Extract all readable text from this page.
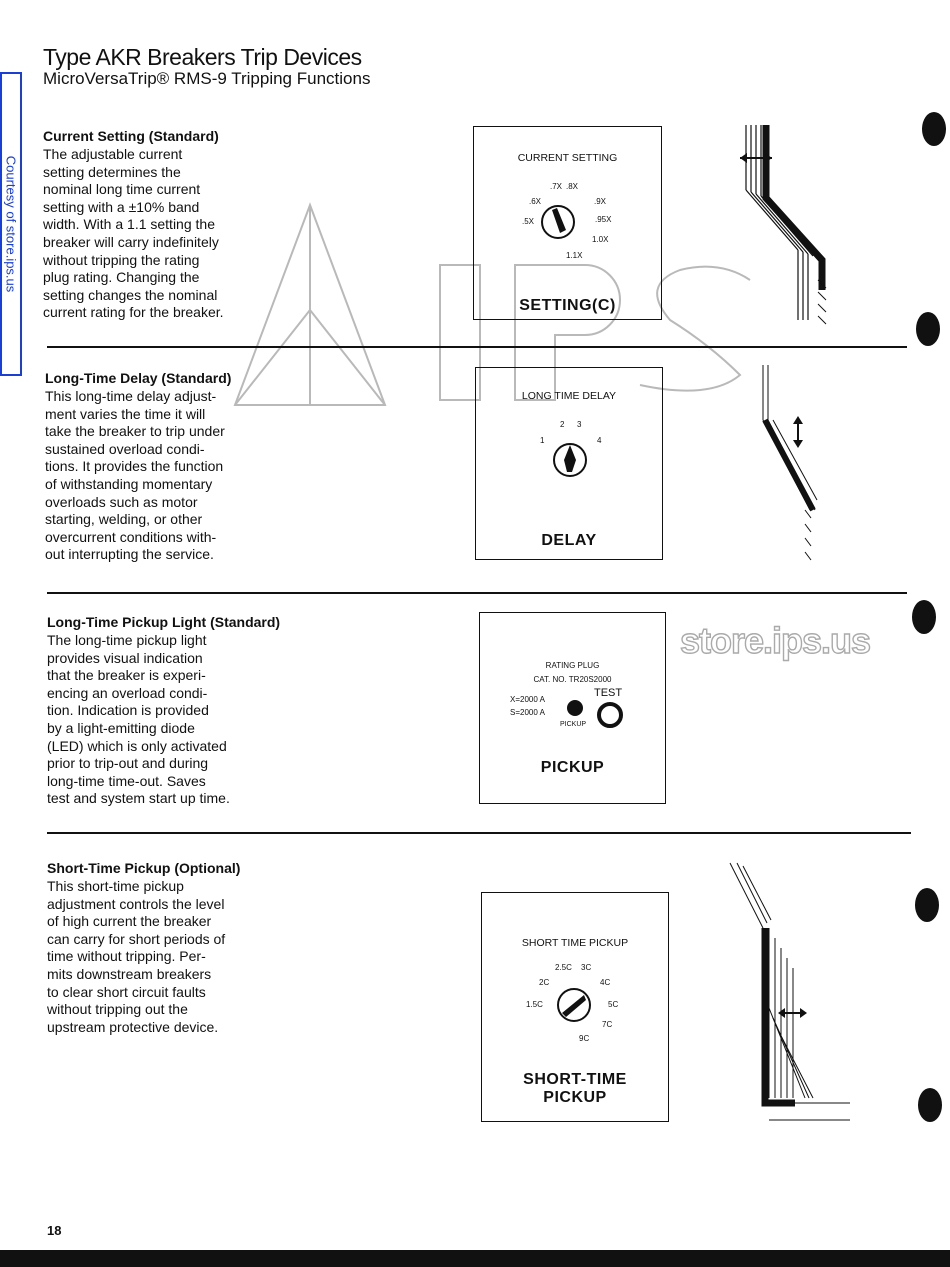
Courtesy of store.ips.us
store.ips.us
Type AKR Breakers Trip Devices
MicroVersaTrip® RMS-9 Tripping Functions
Current Setting (Standard)
The adjustable current
setting determines the
nominal long time current
setting with a ±10% band
width. With a 1.1 setting the
breaker will carry indefinitely
without tripping the rating
plug rating. Changing the
setting changes the nominal
current rating for the breaker.
CURRENT SETTING
.7X .8X
.6X	.9X
.5X	.95X
1.0X
1.1X
SETTING(C)
Long-Time Delay (Standard)
This long-time delay adjust-
ment varies the time it will
take the breaker to trip under
sustained overload condi-
tions. It provides the function
of withstanding momentary
overloads such as motor
starting, welding, or other
overcurrent conditions with-
out interrupting the service.
LONG TIME DELAY
2 3
1	4
DELAY
Long-Time Pickup Light (Standard)
The long-time pickup light
provides visual indication
that the breaker is experi-
encing an overload condi-
tion. Indication is provided
by a light-emitting diode
(LED) which is only activated
prior to trip-out and during
long-time time-out. Saves
test and system start up time.
RATING PLUG
CAT. NO. TR20S2000
X=2000 A
S=2000 A
TEST
PICKUP
PICKUP
Short-Time Pickup (Optional)
This short-time pickup
adjustment controls the level
of high current the breaker
can carry for short periods of
time without tripping. Per-
mits downstream breakers
to clear short circuit faults
without tripping out the
upstream protective device.
SHORT TIME PICKUP
2.5C 3C
2C	4C
1.5C	5C
7C
9C
SHORT-TIME
PICKUP
18
